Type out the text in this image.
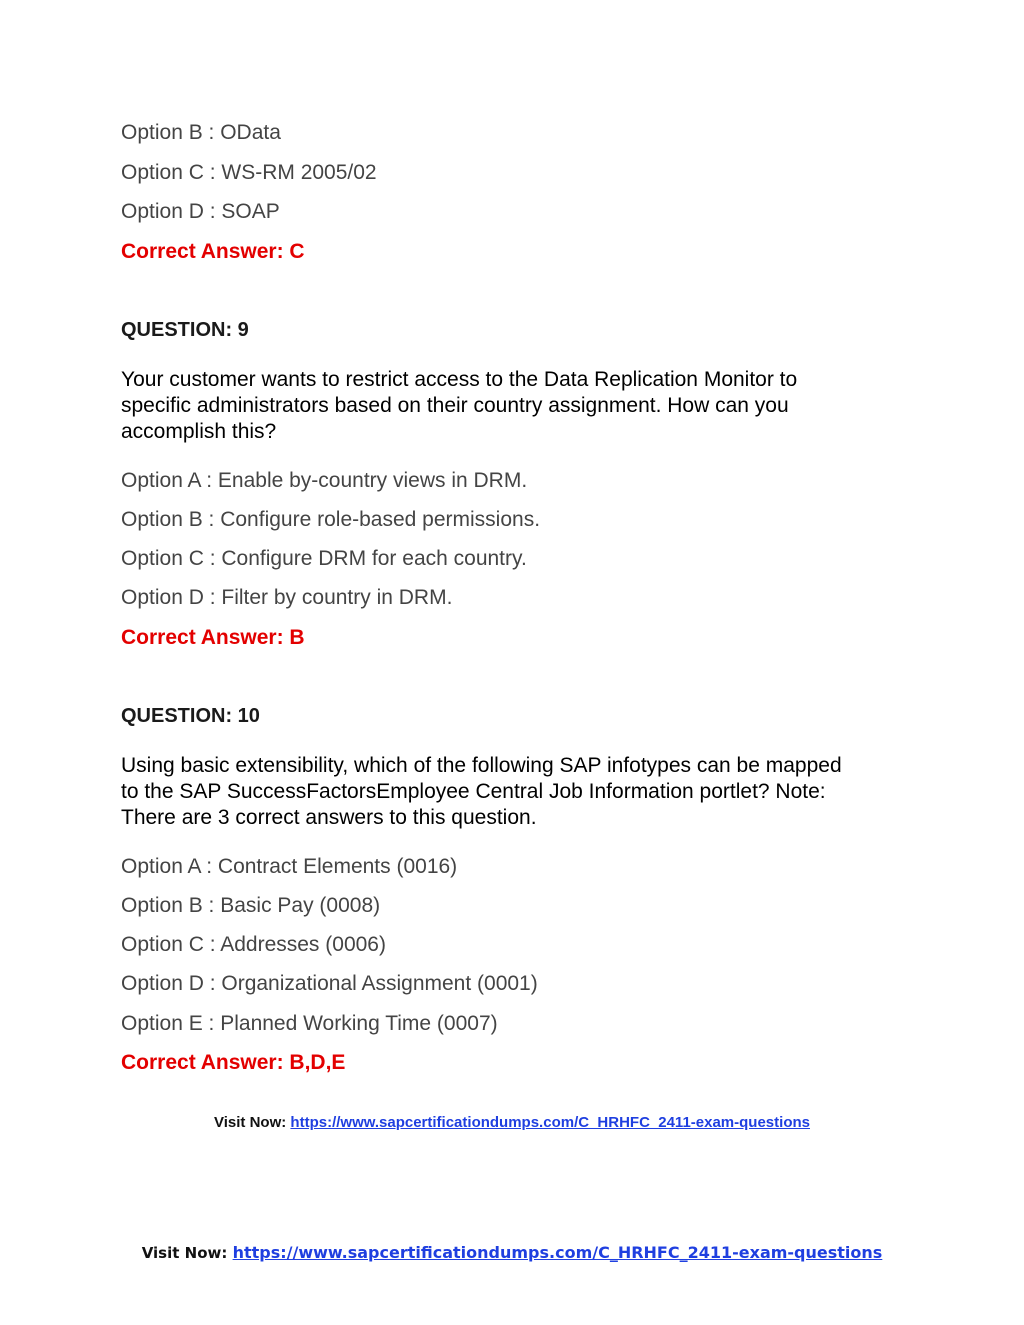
Option B : OData
Option C : WS-RM 2005/02
Option D : SOAP
Correct Answer: C
QUESTION: 9
Your customer wants to restrict access to the Data Replication Monitor to
specific administrators based on their country assignment. How can you
accomplish this?
Option A : Enable by-country views in DRM.
Option B : Configure role-based permissions.
Option C : Configure DRM for each country.
Option D : Filter by country in DRM.
Correct Answer: B
QUESTION: 10
Using basic extensibility, which of the following SAP infotypes can be mapped
to the SAP SuccessFactorsEmployee Central Job Information portlet? Note:
There are 3 correct answers to this question.
Option A : Contract Elements (0016)
Option B : Basic Pay (0008)
Option C : Addresses (0006)
Option D : Organizational Assignment (0001)
Option E : Planned Working Time (0007)
Correct Answer: B,D,E
Visit Now: https://www.sapcertificationdumps.com/C_HRHFC_2411-exam-questions
Visit Now: https://www.sapcertificationdumps.com/C_HRHFC_2411-exam-questions
